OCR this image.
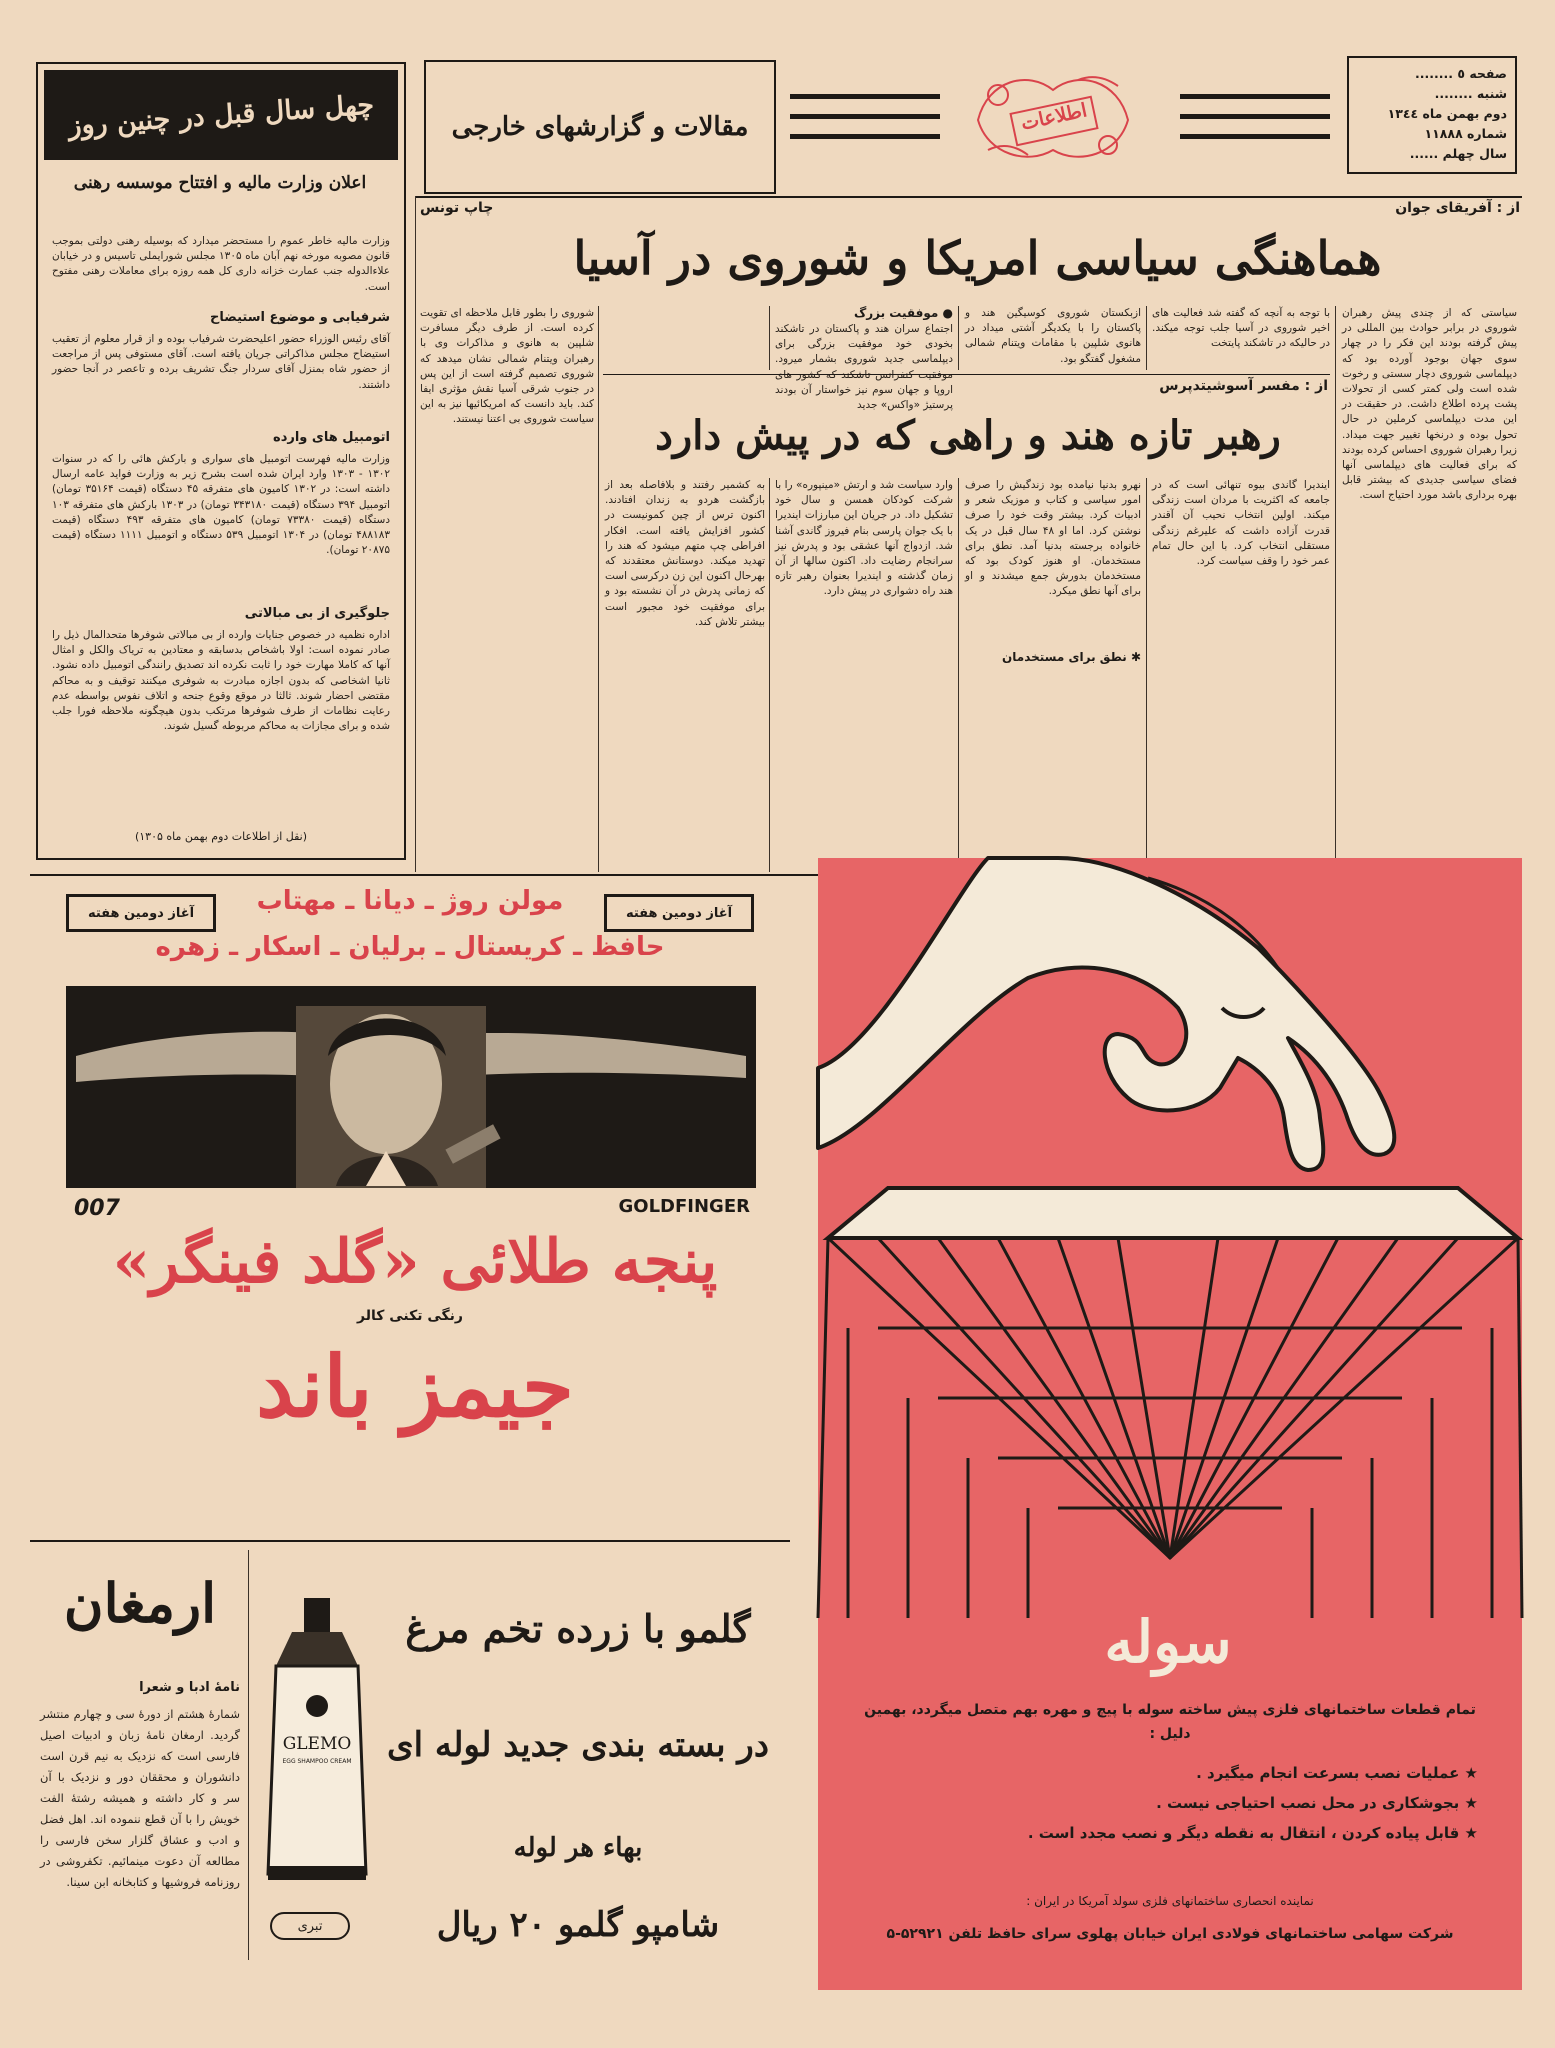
صفحه ٥ ........
شنبه ........
دوم بهمن ماه ١٣٤٤
شماره ١١٨٨٨
سال چهلم ......
اطلاعات
مقالات و گزارشهای خارجی
از : آفریقای جوان
چاپ تونس
هماهنگی سیاسی امریکا و شوروی در آسیا
سیاستی که از چندی پیش رهبران شوروی در برابر حوادث بین المللی در پیش گرفته بودند این فکر را در چهار سوی جهان بوجود آورده بود که دیپلماسی شوروی دچار سستی و رخوت شده است ولی کمتر کسی از تحولات پشت پرده اطلاع داشت. در حقیقت در این مدت دیپلماسی کرملین در حال تحول بوده و درنخها تغییر جهت میداد. زیرا رهبران شوروی احساس کرده بودند که برای فعالیت های دیپلماسی آنها فضای سیاسی جدیدی که بیشتر قابل بهره برداری باشد مورد احتیاج است.
با توجه به آنچه که گفته شد فعالیت های اخیر شوروی در آسیا جلب توجه میکند. در حالیکه در تاشکند پایتخت
ازبکستان شوروی کوسیگین هند و پاکستان را با یکدیگر آشتی میداد در هانوی شلپین با مقامات ویتنام شمالی مشغول گفتگو بود.
● موفقیت بزرگ
اجتماع سران هند و پاکستان در تاشکند بخودی خود موفقیت بزرگی برای دیپلماسی جدید شوروی بشمار میرود. اروپا و جهان سوم نیز خواستار آن بودند پرستیژ «واکس» جدید
شوروی را بطور قابل ملاحظه ای تقویت کرده است. از طرف دیگر مسافرت شلپین به هانوی و مذاکرات وی با رهبران ویتنام شمالی نشان میدهد که شوروی تصمیم گرفته است از این پس در جنوب شرقی آسیا نقش مؤثری ایفا کند. باید دانست که امریکائیها نیز به این سیاست شوروی بی اعتنا نیستند.
از : مفسر آسوشیتدپرس
رهبر تازه هند و راهی که در پیش دارد
ایندیرا گاندی بیوه تنهائی است که در جامعه که اکثریت با مردان است زندگی میکند. اولین انتخاب نحیب آن آقندر قدرت آزاده داشت که علیرغم زندگی مستقلی انتخاب کرد. با این حال تمام عمر خود را وقف سیاست کرد.
نهرو بدنیا نیامده بود زندگیش را صرف امور سیاسی و کتاب و موزیک شعر و ادبیات کرد. بیشتر وقت خود را صرف نوشتن کرد. اما او ۴۸ سال قبل در یک خانواده برجسته بدنیا آمد. نطق برای مستخدمان. او هنوز کودک بود که مستخدمان بدورش جمع میشدند و او برای آنها نطق میکرد.
وارد سیاست شد و ارتش «مینپوره» را با شرکت کودکان همسن و سال خود تشکیل داد. در جریان این مبارزات ایندیرا با یک جوان پارسی بنام فیروز گاندی آشنا شد. ازدواج آنها عشقی بود و پدرش نیز سرانجام رضایت داد. اکنون سالها از آن زمان گذشته و ایندیرا بعنوان رهبر تازه هند راه دشواری در پیش دارد.
به کشمیر رفتند و بلافاصله بعد از بازگشت هردو به زندان افتادند. اکنون ترس از چین کمونیست در کشور افزایش یافته است. افکار افراطی چپ متهم میشود که هند را تهدید میکند. دوستانش معتقدند که بهرحال اکنون این زن درکرسی است که زمانی پدرش در آن نشسته بود و برای موفقیت خود مجبور است بیشتر تلاش کند.
✱ نطق برای مستخدمان
چهل سال قبل در چنین روز
اعلان وزارت مالیه و افتتاح موسسه رهنی
وزارت مالیه خاطر عموم را مستحضر میدارد که بوسیله رهنی دولتی بموجب قانون مصوبه مورخه نهم آبان ماه ۱۳۰۵ مجلس شورایملی تاسیس و در خیابان علاءالدوله جنب عمارت خزانه داری کل همه روزه برای معاملات رهنی مفتوح است.
شرفیابی و موضوع استیضاح
آقای رئیس الوزراء حضور اعلیحضرت شرفیاب بوده و از قرار معلوم از تعقیب استیضاح مجلس مذاکراتی جریان یافته است. آقای مستوفی پس از مراجعت از حضور شاه بمنزل آقای سردار جنگ تشریف برده و تاعصر در آنجا حضور داشتند.
اتومبیل های وارده
وزارت مالیه فهرست اتومبیل های سواری و بارکش هائی را که در سنوات ۱۳۰۲ - ۱۳۰۳ وارد ایران شده است بشرح زیر به وزارت فواید عامه ارسال داشته است: در ۱۳۰۲ کامیون های متفرقه ۴۵ دستگاه (قیمت ۳۵۱۶۴ تومان) اتومبیل ۳۹۴ دستگاه (قیمت ۳۴۳۱۸۰ تومان) در ۱۳۰۳ بارکش های متفرقه ۱۰۳ دستگاه (قیمت ۷۳۳۸۰ تومان) کامیون های متفرقه ۴۹۳ دستگاه (قیمت ۴۸۸۱۸۳ تومان) در ۱۳۰۴ اتومبیل ۵۳۹ دستگاه و اتومبیل ۱۱۱۱ دستگاه (قیمت ۲۰۸۷۵ تومان).
جلوگیری از بی مبالاتی
اداره نظمیه در خصوص جنایات وارده از بی مبالاتی شوفرها متحدالمال ذیل را صادر نموده است: اولا باشخاص بدسابقه و معتادین به تریاک والکل و امثال آنها که کاملا مهارت خود را ثابت نکرده اند تصدیق رانندگی اتومبیل داده نشود. ثانیا اشخاصی که بدون اجازه مبادرت به شوفری میکنند توقیف و به محاکم مقتضی احضار شوند. ثالثا در موقع وقوع جنحه و اتلاف نفوس بواسطه عدم رعایت نظامات از طرف شوفرها مرتکب بدون هیچگونه ملاحظه فورا جلب شده و برای مجازات به محاکم مربوطه گسیل شوند.
(نقل از اطلاعات دوم بهمن ماه ۱۳۰۵)
آغاز دومین هفته	آغاز دومین هفته
مولن روژ ـ دیانا ـ مهتاب
حافظ ـ کریستال ـ برلیان ـ اسکار ـ زهره
007	GOLDFINGER
پنجه طلائی «گلد فینگر»
رنگی تکنی کالر
جیمز باند
ارمغان
نامهٔ ادبا و شعرا
شمارهٔ هشتم از دورهٔ سی و چهارم منتشر گردید. ارمغان نامهٔ زبان و ادبیات اصیل فارسی است که نزدیک به نیم قرن است دانشوران و محققان دور و نزدیک با آن سر و کار داشته و همیشه رشتهٔ الفت خویش را با آن قطع ننموده اند. اهل فضل و ادب و عشاق گلزار سخن فارسی را مطالعه آن دعوت مینمائیم. تکفروشی در روزنامه فروشیها و کتابخانه ابن سینا.
GLEMO
EGG SHAMPOO CREAM
گلمو با زرده تخم مرغ
در بسته بندی جدید لوله ای
بهاء هر لوله
تبری	شامپو گلمو ٢٠ ریال
سوله
تمام قطعات ساختمانهای فلزی پیش ساخته سوله با پیچ و مهره بهم متصل میگردد، بهمین دلیل :
★ عملیات نصب بسرعت انجام میگیرد .
★ بجوشکاری در محل نصب احتیاجی نیست .
★ قابل پیاده کردن ، انتقال به نقطه دیگر و نصب مجدد است .
نماینده انحصاری ساختمانهای فلزی سولد آمریکا در ایران :
شرکت سهامی ساختمانهای فولادی ایران خیابان پهلوی سرای حافظ تلفن ۵۲۹۲۱-۵
